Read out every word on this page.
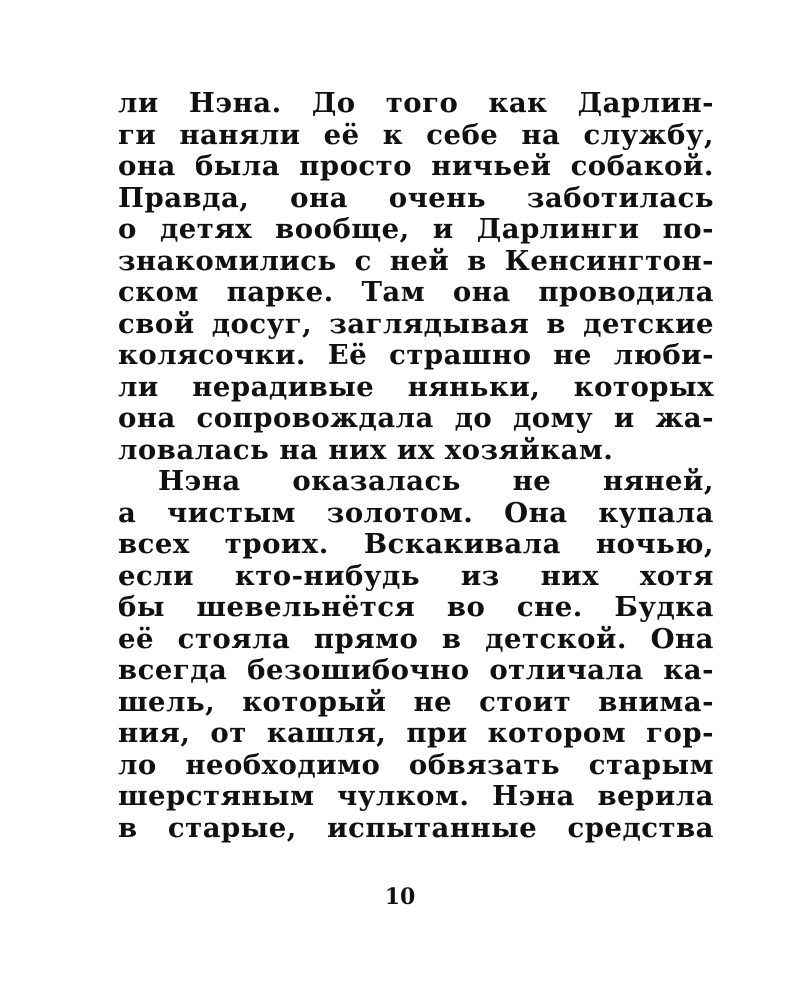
ли Нэна. До того как Дарлин-
ги наняли её к себе на службу,
она была просто ничьей собакой.
Правда, она очень заботилась
о детях вообще, и Дарлинги по-
знакомились с ней в Кенсингтон-
ском парке. Там она проводила
свой досуг, заглядывая в детские
колясочки. Её страшно не люби-
ли нерадивые няньки, которых
она сопровождала до дому и жа-
ловалась на них их хозяйкам.
Нэна оказалась не няней,
а чистым золотом. Она купала
всех троих. Вскакивала ночью,
если кто-нибудь из них хотя
бы шевельнётся во сне. Будка
её стояла прямо в детской. Она
всегда безошибочно отличала ка-
шель, который не стоит внима-
ния, от кашля, при котором гор-
ло необходимо обвязать старым
шерстяным чулком. Нэна верила
в старые, испытанные средства
10
